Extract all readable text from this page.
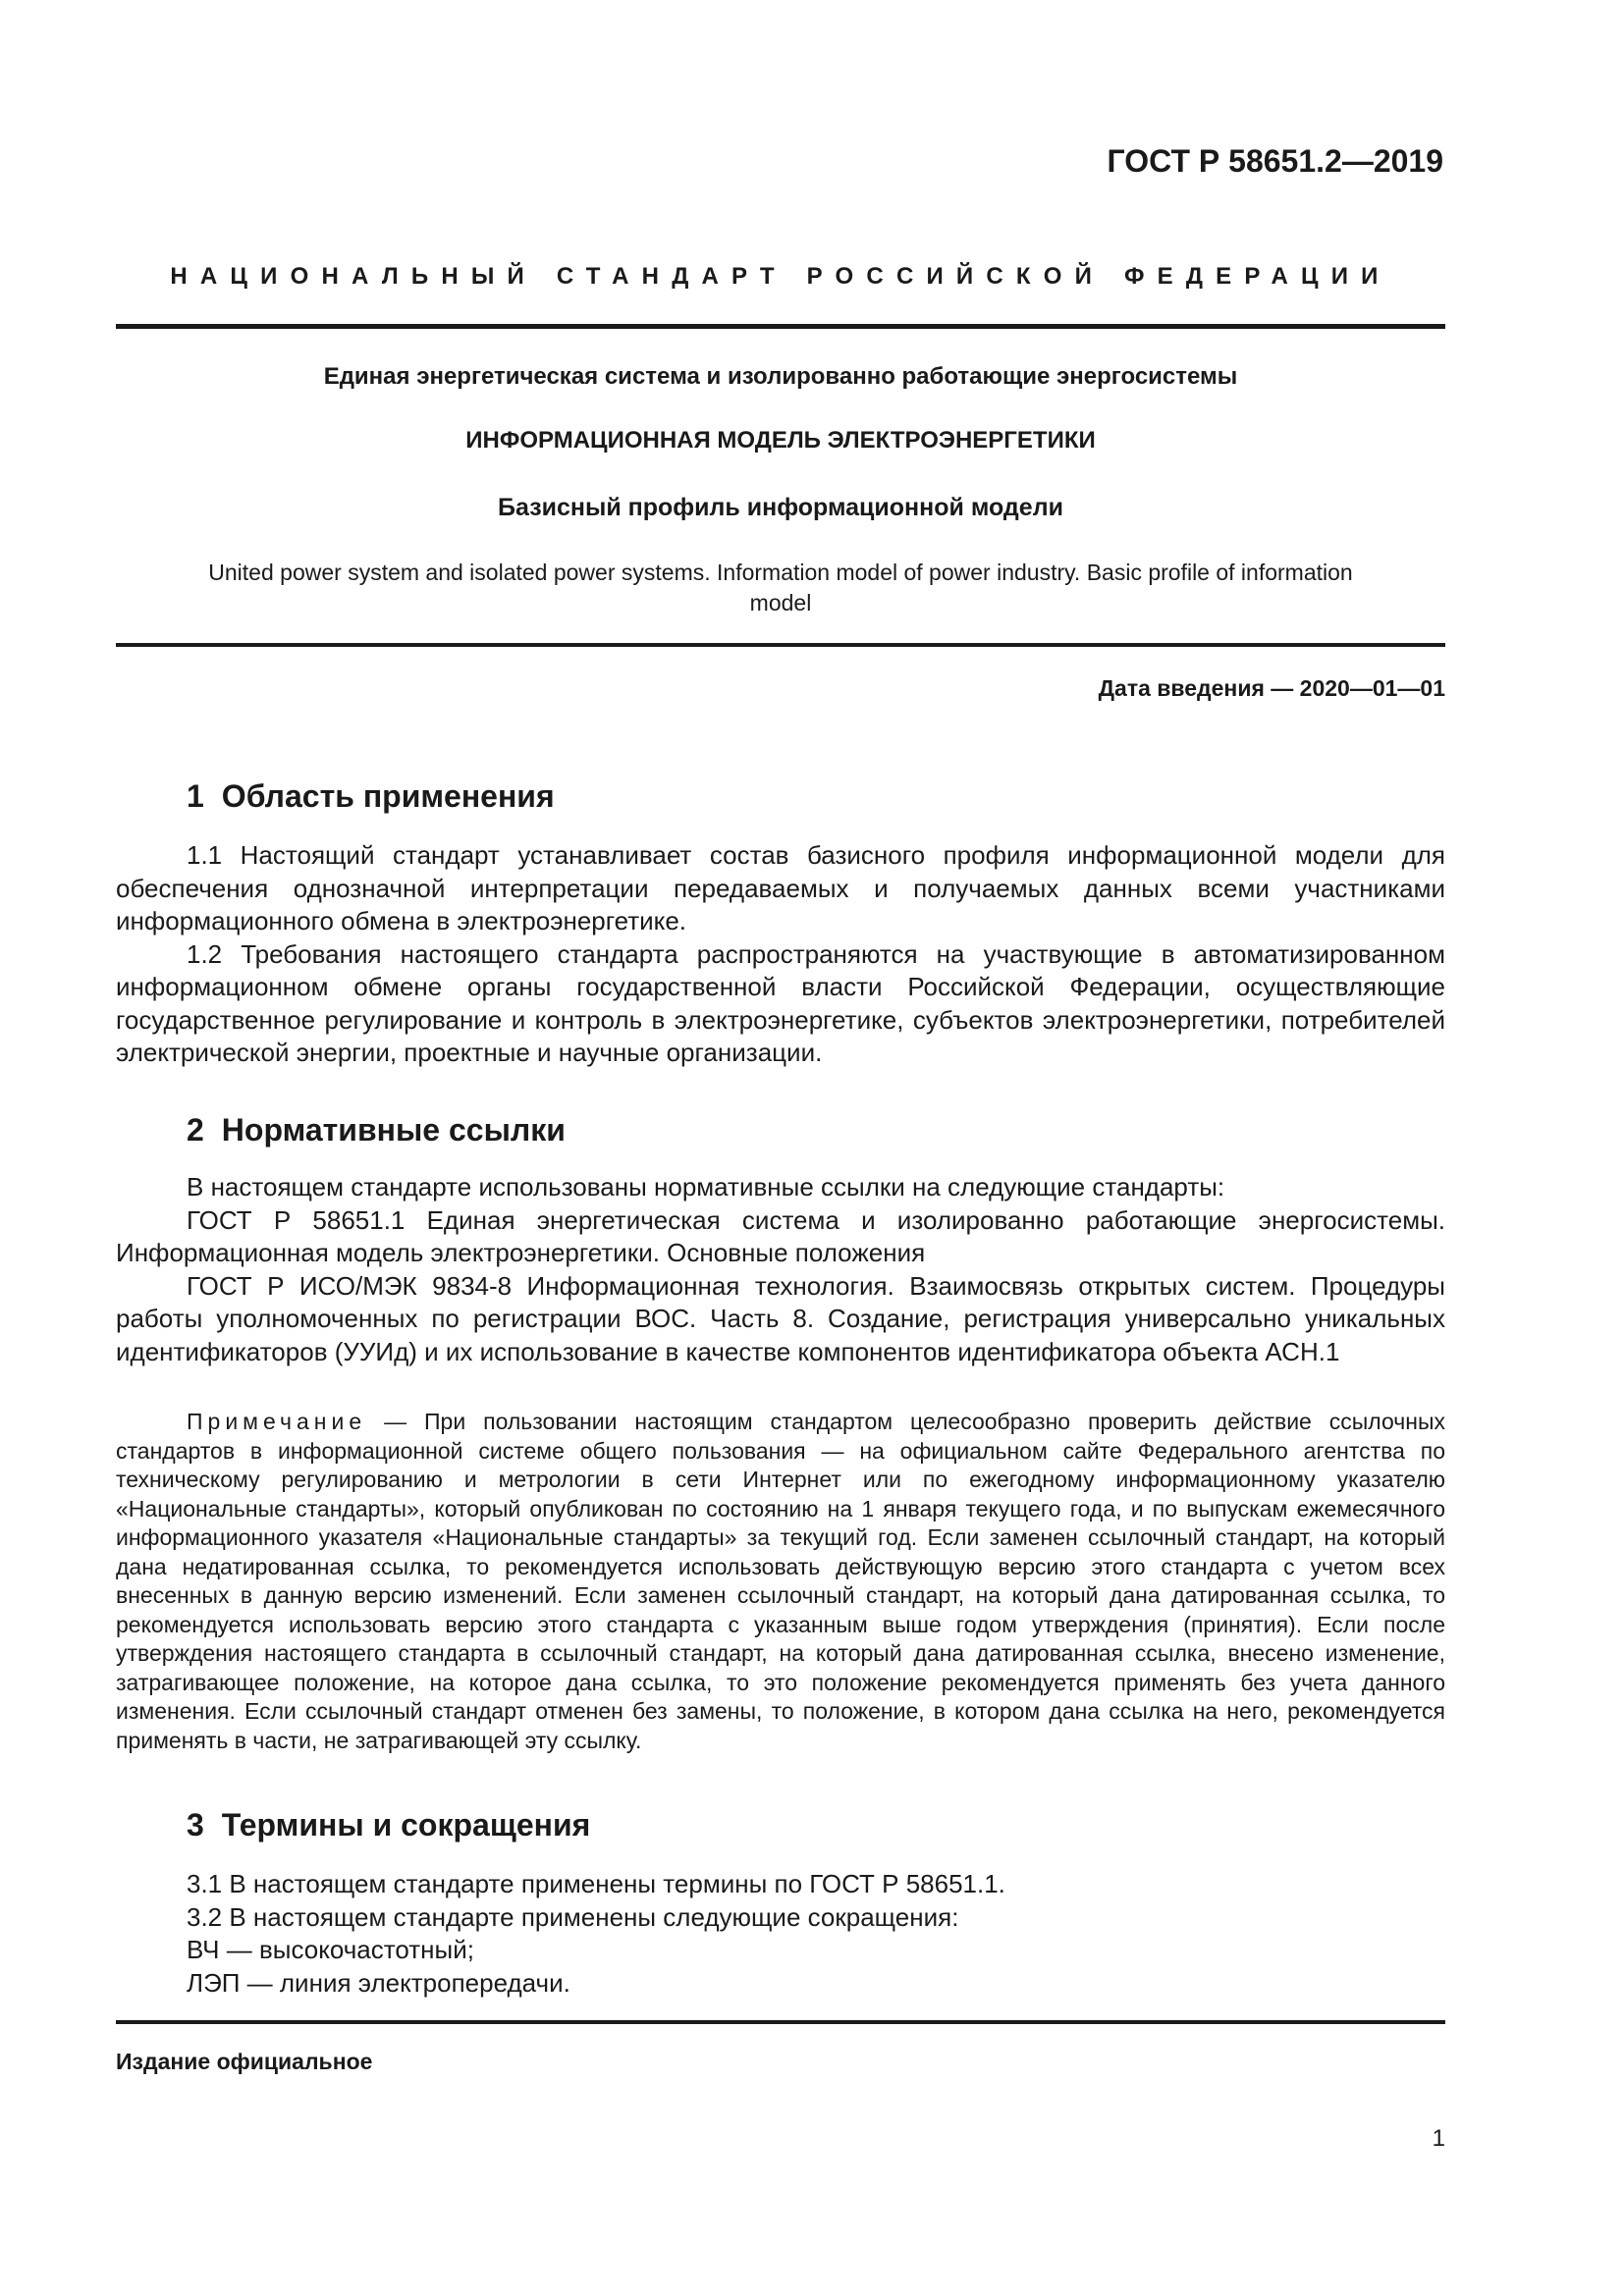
ГОСТ Р 58651.2—2019
НАЦИОНАЛЬНЫЙ СТАНДАРТ РОССИЙСКОЙ ФЕДЕРАЦИИ
Единая энергетическая система и изолированно работающие энергосистемы
ИНФОРМАЦИОННАЯ МОДЕЛЬ ЭЛЕКТРОЭНЕРГЕТИКИ
Базисный профиль информационной модели
United power system and isolated power systems. Information model of power industry. Basic profile of information
model
Дата введения — 2020—01—01
1 Область применения

1.1 Настоящий стандарт устанавливает состав базисного профиля информационной модели для обеспечения однозначной интерпретации передаваемых и получаемых данных всеми участниками информационного обмена в электроэнергетике.

1.2 Требования настоящего стандарта распространяются на участвующие в автоматизированном информационном обмене органы государственной власти Российской Федерации, осуществляющие государственное регулирование и контроль в электроэнергетике, субъектов электроэнергетики, потребителей электрической энергии, проектные и научные организации.

2 Нормативные ссылки

В настоящем стандарте использованы нормативные ссылки на следующие стандарты:

ГОСТ Р 58651.1 Единая энергетическая система и изолированно работающие энергосистемы. Информационная модель электроэнергетики. Основные положения

ГОСТ Р ИСО/МЭК 9834-8 Информационная технология. Взаимосвязь открытых систем. Процедуры работы уполномоченных по регистрации ВОС. Часть 8. Создание, регистрация универсально уникальных идентификаторов (УУИд) и их использование в качестве компонентов идентификатора объекта АСН.1

Примечание — При пользовании настоящим стандартом целесообразно проверить действие ссылочных стандартов в информационной системе общего пользования — на официальном сайте Федерального агентства по техническому регулированию и метрологии в сети Интернет или по ежегодному информационному указателю «Национальные стандарты», который опубликован по состоянию на 1 января текущего года, и по выпускам ежемесячного информационного указателя «Национальные стандарты» за текущий год. Если заменен ссылочный стандарт, на который дана недатированная ссылка, то рекомендуется использовать действующую версию этого стандарта с учетом всех внесенных в данную версию изменений. Если заменен ссылочный стандарт, на который дана датированная ссылка, то рекомендуется использовать версию этого стандарта с указанным выше годом утверждения (принятия). Если после утверждения настоящего стандарта в ссылочный стандарт, на который дана датированная ссылка, внесено изменение, затрагивающее положение, на которое дана ссылка, то это положение рекомендуется применять без учета данного изменения. Если ссылочный стандарт отменен без замены, то положение, в котором дана ссылка на него, рекомендуется применять в части, не затрагивающей эту ссылку.

3 Термины и сокращения

3.1 В настоящем стандарте применены термины по ГОСТ Р 58651.1.

3.2 В настоящем стандарте применены следующие сокращения:

ВЧ — высокочастотный;

ЛЭП — линия электропередачи.

Издание официальное
1
